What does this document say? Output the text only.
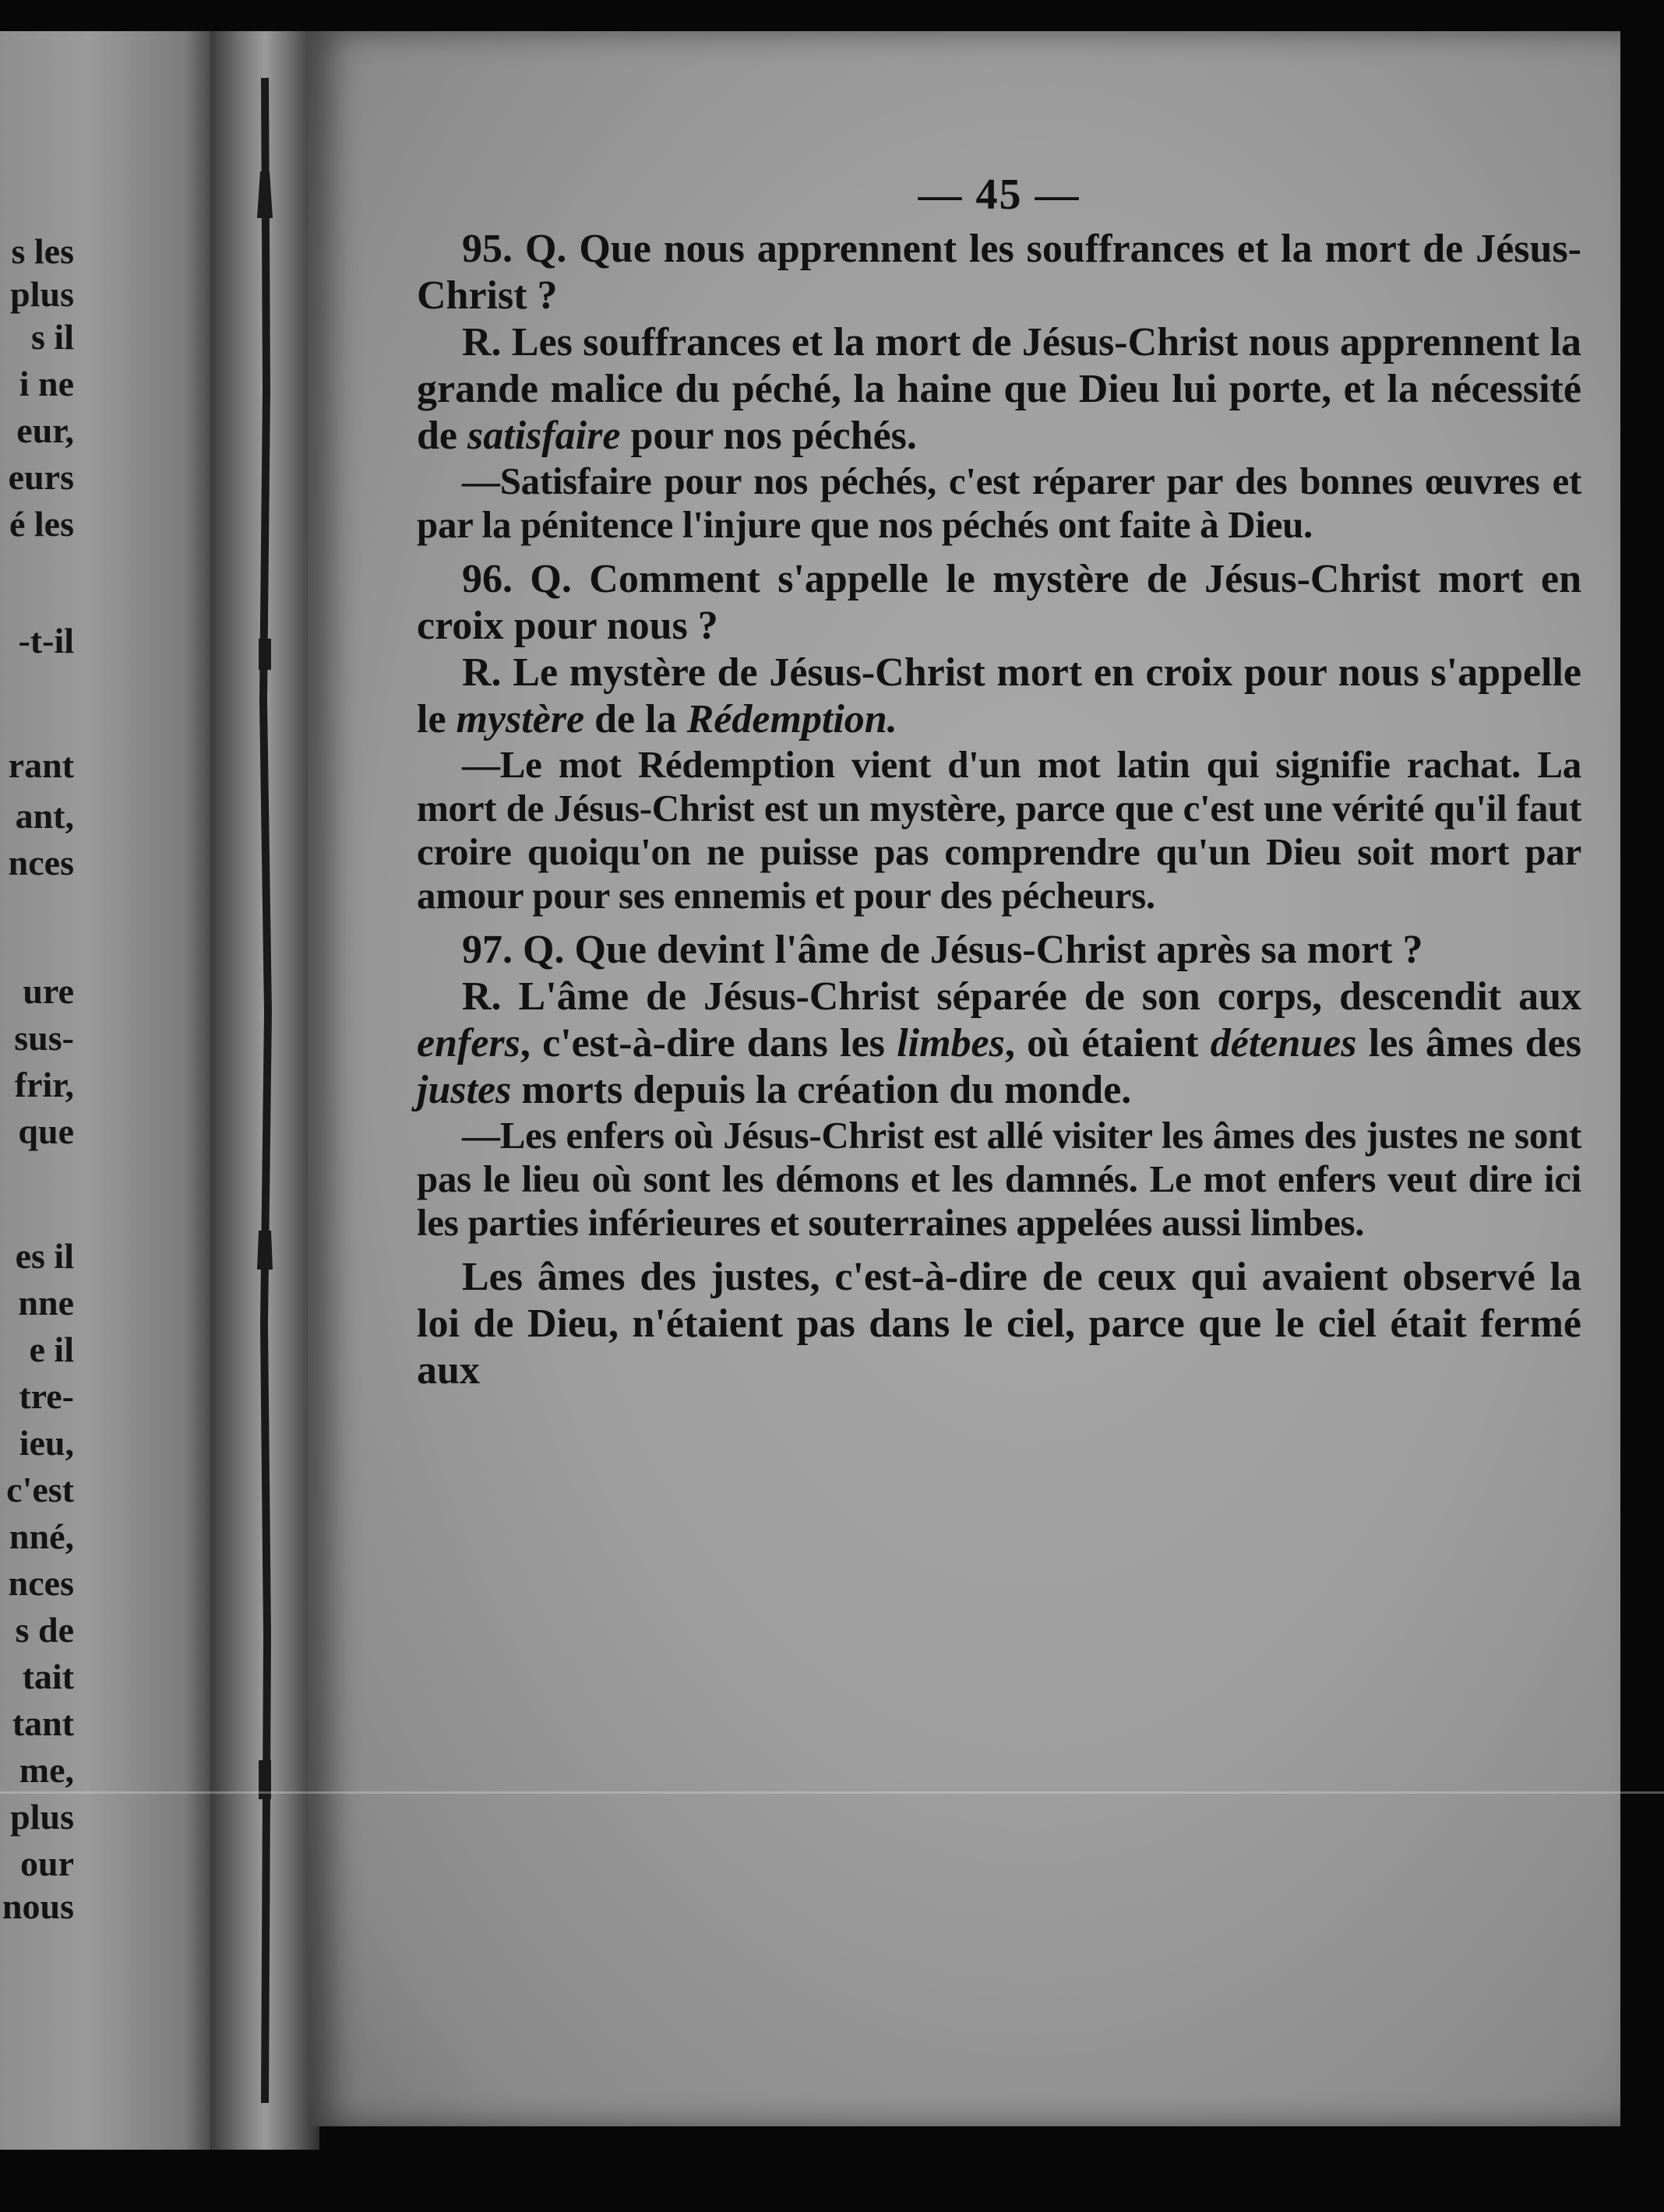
s les
plus
s il
i ne
eur,
eurs
é les
-t-il
rant
ant,
nces
ure
sus-
frir,
que
es il
nne
e il
tre-
ieu,
c'est
nné,
nces
s de
tait
tant
me,
plus
our
nous
— 45 —

95. Q. Que nous apprennent les souffrances et la mort de Jésus-Christ ?

R. Les souffrances et la mort de Jésus-Christ nous apprennent la grande malice du péché, la haine que Dieu lui porte, et la nécessité de satisfaire pour nos péchés.

—Satisfaire pour nos péchés, c'est réparer par des bonnes œuvres et par la pénitence l'injure que nos péchés ont faite à Dieu.

96. Q. Comment s'appelle le mystère de Jésus-Christ mort en croix pour nous ?

R. Le mystère de Jésus-Christ mort en croix pour nous s'appelle le mystère de la Rédemption.

—Le mot Rédemption vient d'un mot latin qui signifie rachat. La mort de Jésus-Christ est un mystère, parce que c'est une vérité qu'il faut croire quoiqu'on ne puisse pas comprendre qu'un Dieu soit mort par amour pour ses ennemis et pour des pécheurs.

97. Q. Que devint l'âme de Jésus-Christ après sa mort ?

R. L'âme de Jésus-Christ séparée de son corps, descendit aux enfers, c'est-à-dire dans les limbes, où étaient détenues les âmes des justes morts depuis la création du monde.

—Les enfers où Jésus-Christ est allé visiter les âmes des justes ne sont pas le lieu où sont les démons et les damnés. Le mot enfers veut dire ici les parties inférieures et souterraines appelées aussi limbes.

Les âmes des justes, c'est-à-dire de ceux qui avaient observé la loi de Dieu, n'étaient pas dans le ciel, parce que le ciel était fermé aux
